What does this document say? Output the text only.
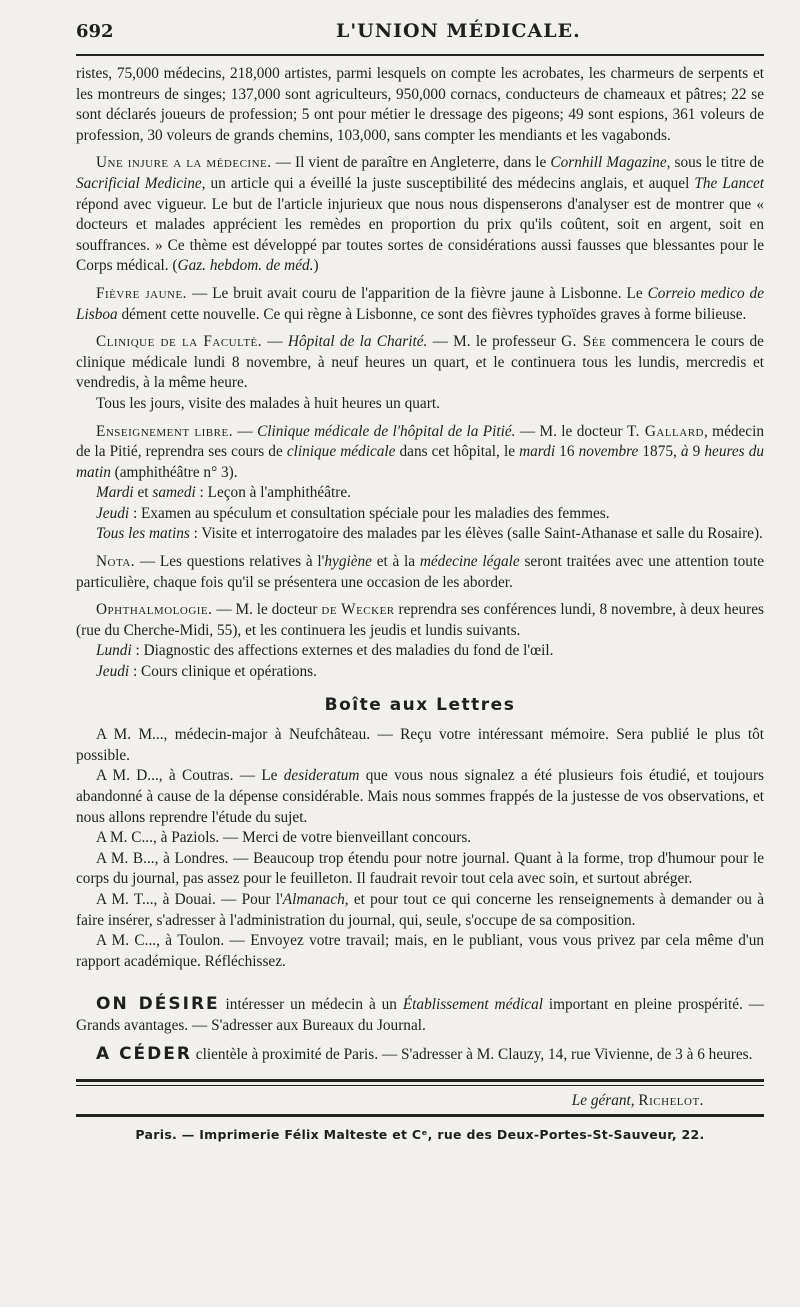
692	L'UNION MÉDICALE.

ristes, 75,000 médecins, 218,000 artistes, parmi lesquels on compte les acrobates, les charmeurs de serpents et les montreurs de singes; 137,000 sont agriculteurs, 950,000 cornacs, conducteurs de chameaux et pâtres; 22 se sont déclarés joueurs de profession; 5 ont pour métier le dressage des pigeons; 49 sont espions, 361 voleurs de profession, 30 voleurs de grands chemins, 103,000, sans compter les mendiants et les vagabonds.

Une injure a la médecine. — Il vient de paraître en Angleterre, dans le Cornhill Magazine, sous le titre de Sacrificial Medicine, un article qui a éveillé la juste susceptibilité des médecins anglais, et auquel The Lancet répond avec vigueur. Le but de l'article injurieux que nous nous dispenserons d'analyser est de montrer que « docteurs et malades apprécient les remèdes en proportion du prix qu'ils coûtent, soit en argent, soit en souffrances. » Ce thème est développé par toutes sortes de considérations aussi fausses que blessantes pour le Corps médical. (Gaz. hebdom. de méd.)

Fièvre jaune. — Le bruit avait couru de l'apparition de la fièvre jaune à Lisbonne. Le Correio medico de Lisboa dément cette nouvelle. Ce qui règne à Lisbonne, ce sont des fièvres typhoïdes graves à forme bilieuse.

Clinique de la Faculté. — Hôpital de la Charité. — M. le professeur G. Sée commencera le cours de clinique médicale lundi 8 novembre, à neuf heures un quart, et le continuera tous les lundis, mercredis et vendredis, à la même heure.

Tous les jours, visite des malades à huit heures un quart.

Enseignement libre. — Clinique médicale de l'hôpital de la Pitié. — M. le docteur T. Gallard, médecin de la Pitié, reprendra ses cours de clinique médicale dans cet hôpital, le mardi 16 novembre 1875, à 9 heures du matin (amphithéâtre n° 3).

Mardi et samedi : Leçon à l'amphithéâtre.

Jeudi : Examen au spéculum et consultation spéciale pour les maladies des femmes.

Tous les matins : Visite et interrogatoire des malades par les élèves (salle Saint-Athanase et salle du Rosaire).

Nota. — Les questions relatives à l'hygiène et à la médecine légale seront traitées avec une attention toute particulière, chaque fois qu'il se présentera une occasion de les aborder.

Ophthalmologie. — M. le docteur de Wecker reprendra ses conférences lundi, 8 novembre, à deux heures (rue du Cherche-Midi, 55), et les continuera les jeudis et lundis suivants.

Lundi : Diagnostic des affections externes et des maladies du fond de l'œil.

Jeudi : Cours clinique et opérations.

Boîte aux Lettres

A M. M..., médecin-major à Neufchâteau. — Reçu votre intéressant mémoire. Sera publié le plus tôt possible.

A M. D..., à Coutras. — Le desideratum que vous nous signalez a été plusieurs fois étudié, et toujours abandonné à cause de la dépense considérable. Mais nous sommes frappés de la justesse de vos observations, et nous allons reprendre l'étude du sujet.

A M. C..., à Paziols. — Merci de votre bienveillant concours.

A M. B..., à Londres. — Beaucoup trop étendu pour notre journal. Quant à la forme, trop d'humour pour le corps du journal, pas assez pour le feuilleton. Il faudrait revoir tout cela avec soin, et surtout abréger.

A M. T..., à Douai. — Pour l'Almanach, et pour tout ce qui concerne les renseignements à demander ou à faire insérer, s'adresser à l'administration du journal, qui, seule, s'occupe de sa composition.

A M. C..., à Toulon. — Envoyez votre travail; mais, en le publiant, vous vous privez par cela même d'un rapport académique. Réfléchissez.

ON DÉSIRE intéresser un médecin à un Établissement médical important en pleine prospérité. — Grands avantages. — S'adresser aux Bureaux du Journal.

A CÉDER clientèle à proximité de Paris. — S'adresser à M. Clauzy, 14, rue Vivienne, de 3 à 6 heures.

Le gérant, Richelot.
Paris. — Imprimerie Félix Malteste et Cᵉ, rue des Deux-Portes-St-Sauveur, 22.
